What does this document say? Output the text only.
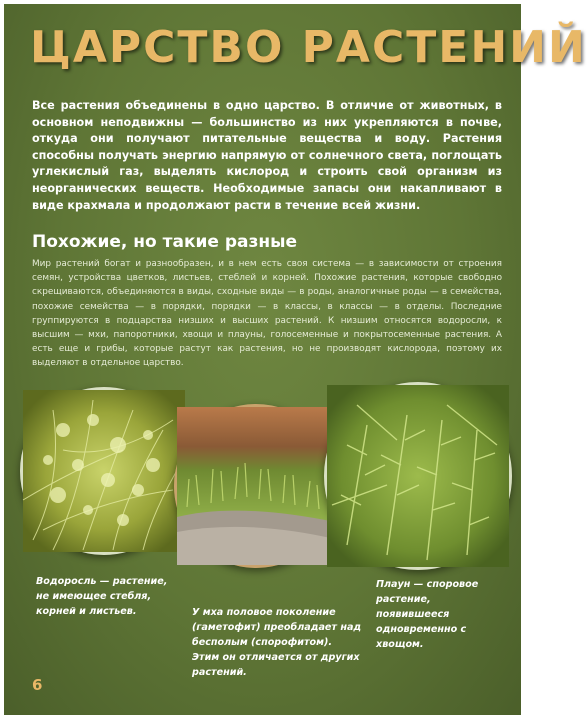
ЦАРСТВО РАСТЕНИЙ

Все растения объединены в одно царство. В отличие от животных, в основном неподвижны — большинство из них укрепляются в почве, откуда они получают питательные вещества и воду. Растения способны получать энергию напрямую от солнечного света, поглощать углекислый газ, выделять кислород и строить свой организм из неорганических веществ. Необходимые запасы они накапливают в виде крахмала и продолжают расти в течение всей жизни.

Похожие, но такие разные

Мир растений богат и разнообразен, и в нем есть своя система — в зависимости от строения семян, устройства цветков, листьев, стеблей и корней. Похожие растения, которые свободно скрещиваются, объединяются в виды, сходные виды — в роды, аналогичные роды — в семейства, похожие семейства — в порядки, порядки — в классы, в классы — в отделы. Последние группируются в подцарства низших и высших растений. К низшим относятся водоросли, к высшим — мхи, папоротники, хвощи и плауны, голосеменные и покрытосеменные растения. А есть еще и грибы, которые растут как растения, но не производят кислорода, поэтому их выделяют в отдельное царство.

Водоросль — растение, не имеющее стебля, корней и листьев.	У мха половое поколение (гаметофит) преобладает над бесполым (спорофитом). Этим он отличается от других растений.

Плаун — споровое растение, появившееся одновременно с хвощом.

6
